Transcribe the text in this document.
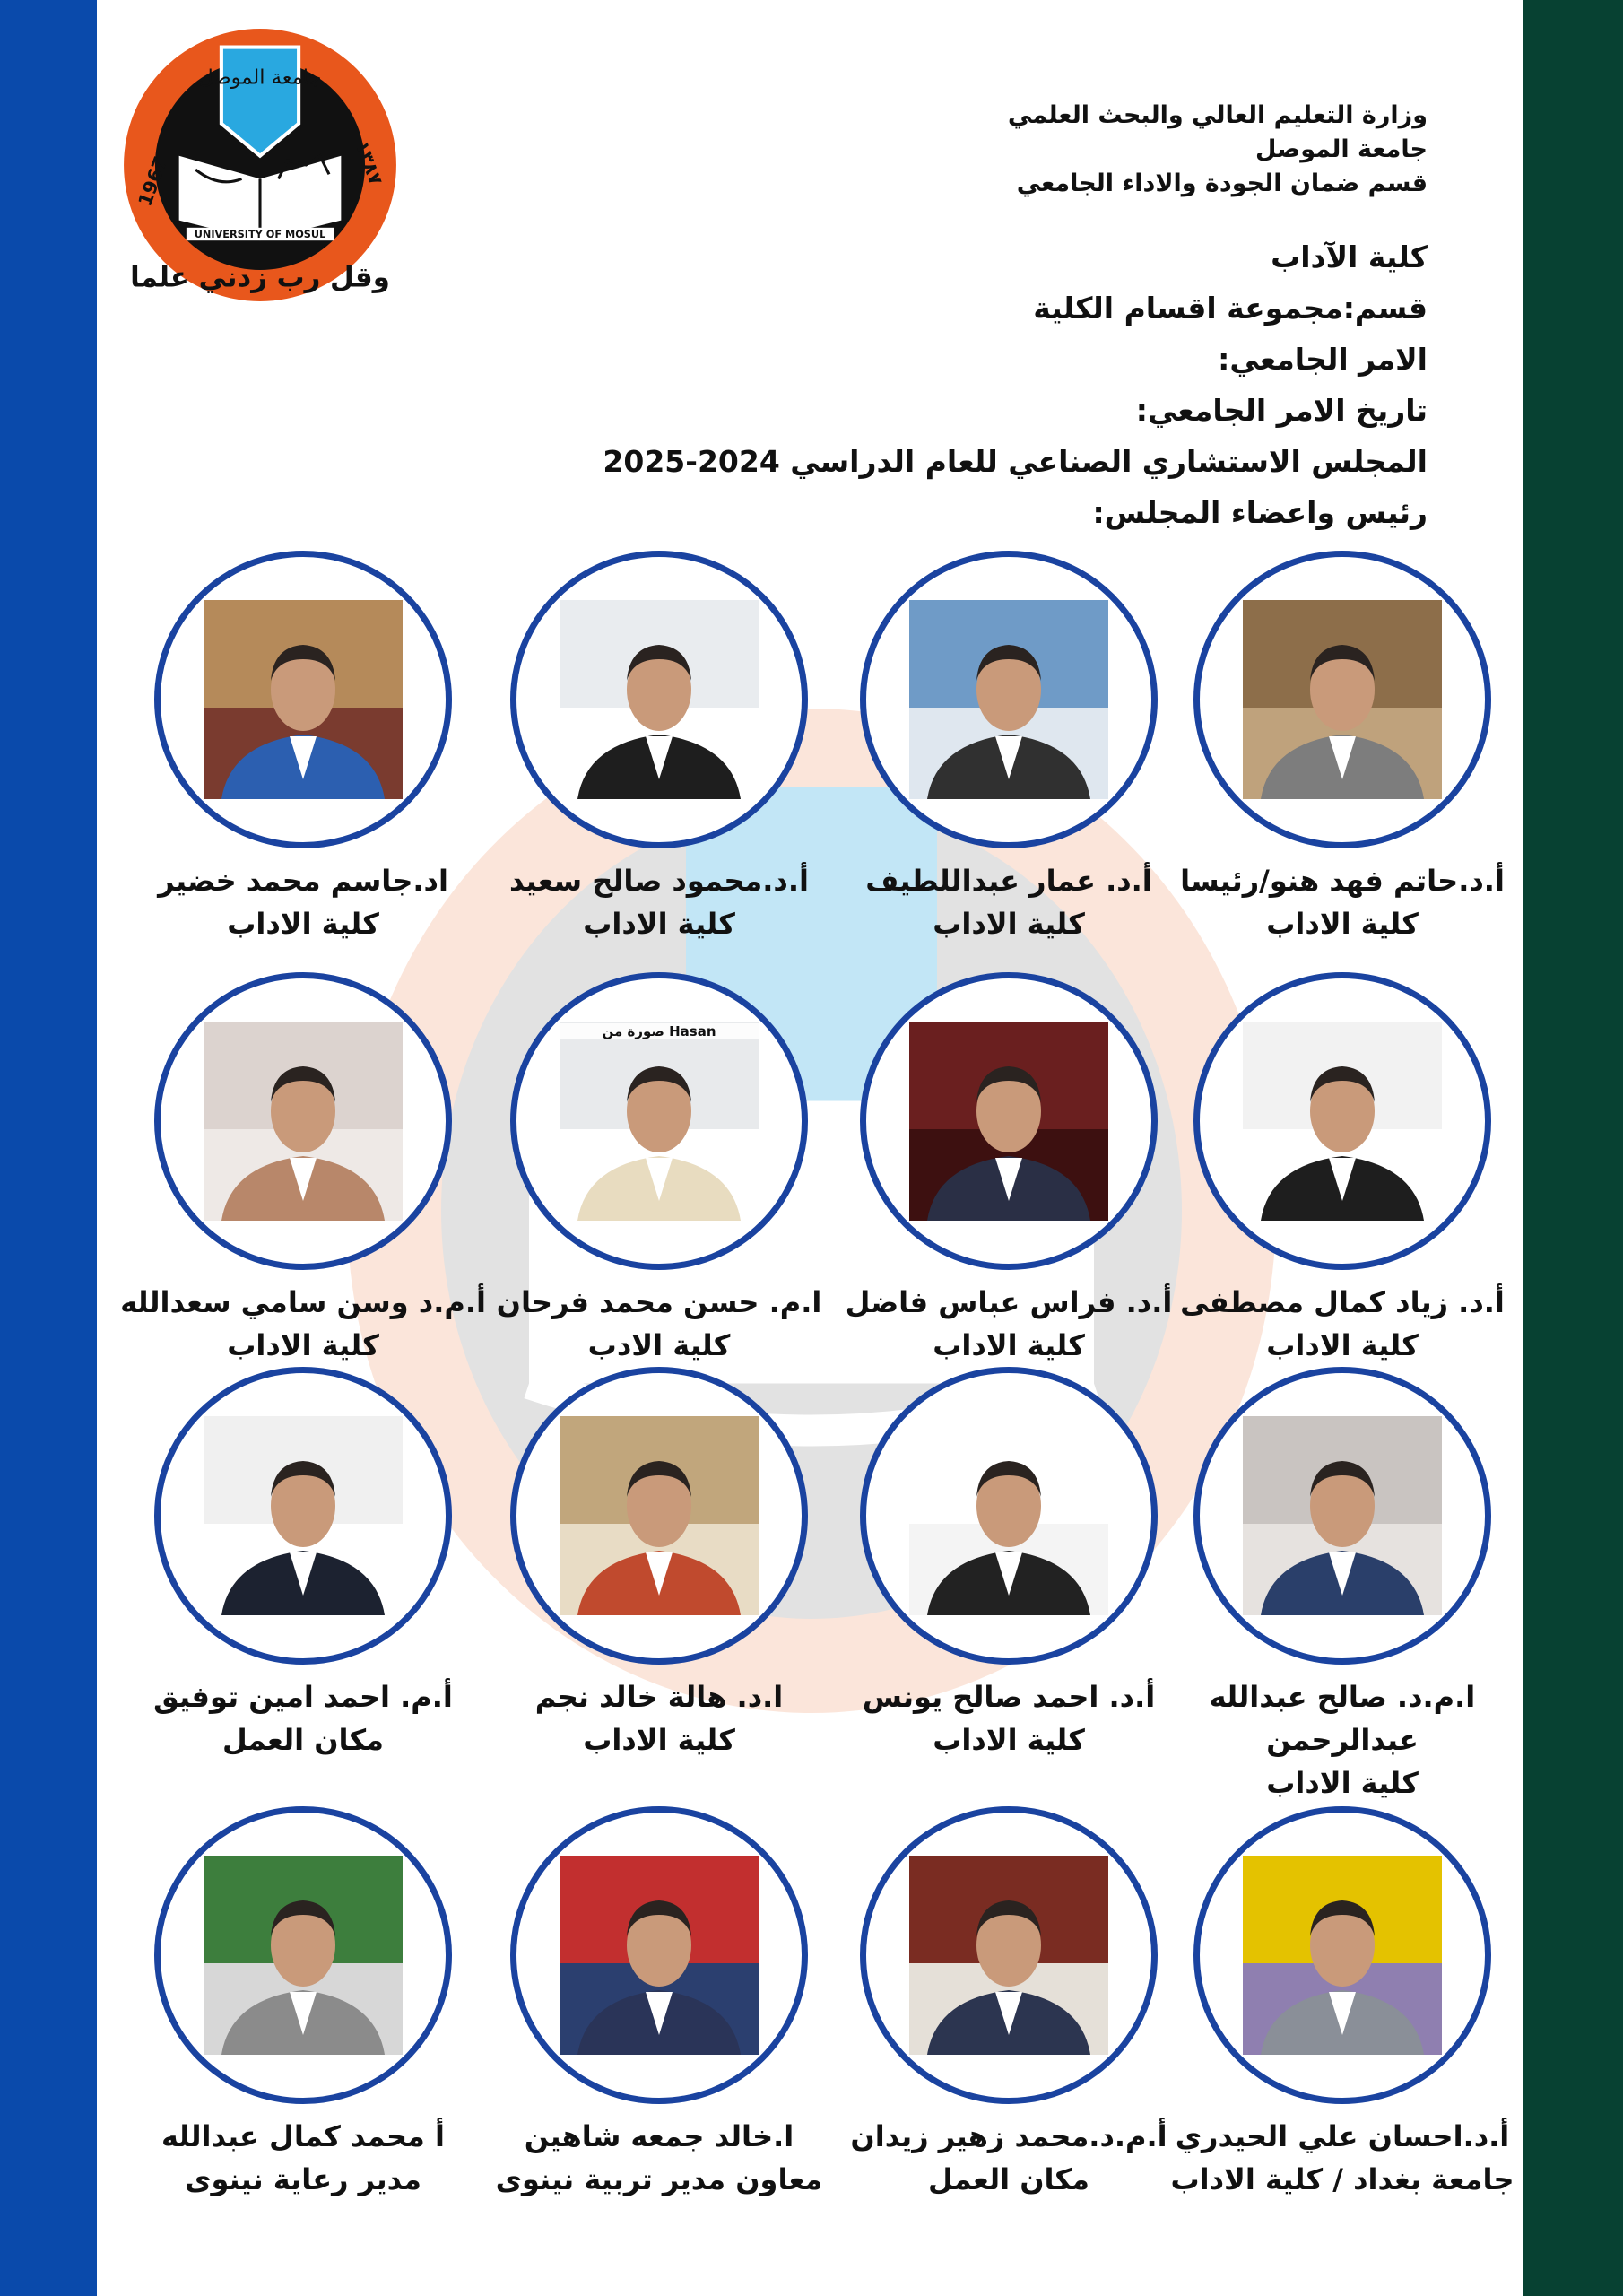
جامعة الموصل
UNIVERSITY OF MOSUL
1967	١٣٨٧
وقل رب زدني علما
وزارة التعليم العالي والبحث العلمي
جامعة الموصل
قسم ضمان الجودة والاداء الجامعي
كلية الآداب
قسم:مجموعة اقسام الكلية
الامر الجامعي:
تاريخ الامر الجامعي:
المجلس الاستشاري الصناعي للعام الدراسي 2024-2025
رئيس واعضاء المجلس:
أ.د.حاتم فهد هنو/رئيسا
كلية الاداب
أ.د. عمار عبداللطيف
كلية الاداب
أ.د.محمود صالح سعيد
كلية الاداب
اد.جاسم محمد خضير
كلية الاداب
أ.د. زياد كمال مصطفى
كلية الاداب
أ.د. فراس عباس فاضل
كلية الاداب
صورة من Hasan
ا.م. حسن محمد فرحان
كلية الادب
أ.م.د وسن سامي سعدالله
كلية الاداب
ا.م.د. صالح عبدالله
عبدالرحمن
كلية الاداب
أ.د. احمد صالح يونس
كلية الاداب
ا.د. هالة خالد نجم
كلية الاداب
أ.م. احمد امين توفيق
مكان العمل
أ.د.احسان علي الحيدري
جامعة بغداد / كلية الاداب
أ.م.د.محمد زهير زيدان
مكان العمل
ا.خالد جمعه شاهين
معاون مدير تربية نينوى
أ محمد كمال عبدالله
مدير رعاية نينوى
